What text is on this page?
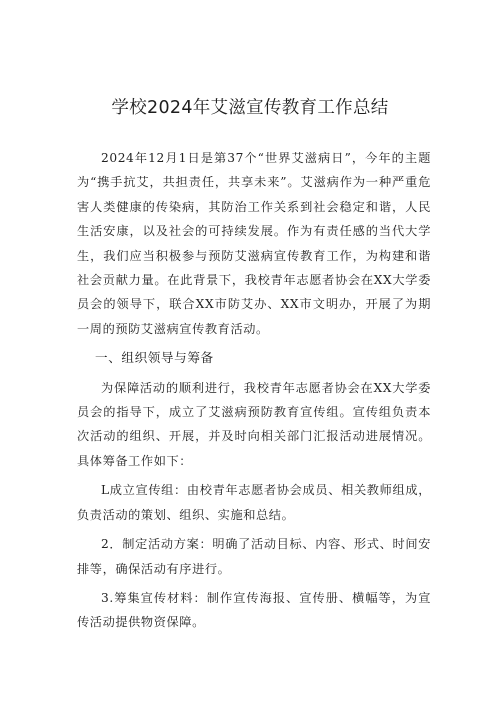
学校2024年艾滋宣传教育工作总结

2024年12月1日是第37个“世界艾滋病日”，今年的主题为“携手抗艾，共担责任，共享未来”。艾滋病作为一种严重危害人类健康的传染病，其防治工作关系到社会稳定和谐，人民生活安康，以及社会的可持续发展。作为有责任感的当代大学生，我们应当积极参与预防艾滋病宣传教育工作，为构建和谐社会贡献力量。在此背景下，我校青年志愿者协会在XX大学委员会的领导下，联合XX市防艾办、XX市文明办，开展了为期一周的预防艾滋病宣传教育活动。

一、组织领导与筹备

为保障活动的顺利进行，我校青年志愿者协会在XX大学委员会的指导下，成立了艾滋病预防教育宣传组。宣传组负责本次活动的组织、开展，并及时向相关部门汇报活动进展情况。具体筹备工作如下：

L成立宣传组：由校青年志愿者协会成员、相关教师组成，负责活动的策划、组织、实施和总结。

2．制定活动方案：明确了活动目标、内容、形式、时间安排等，确保活动有序进行。

3.筹集宣传材料：制作宣传海报、宣传册、横幅等，为宣传活动提供物资保障。
